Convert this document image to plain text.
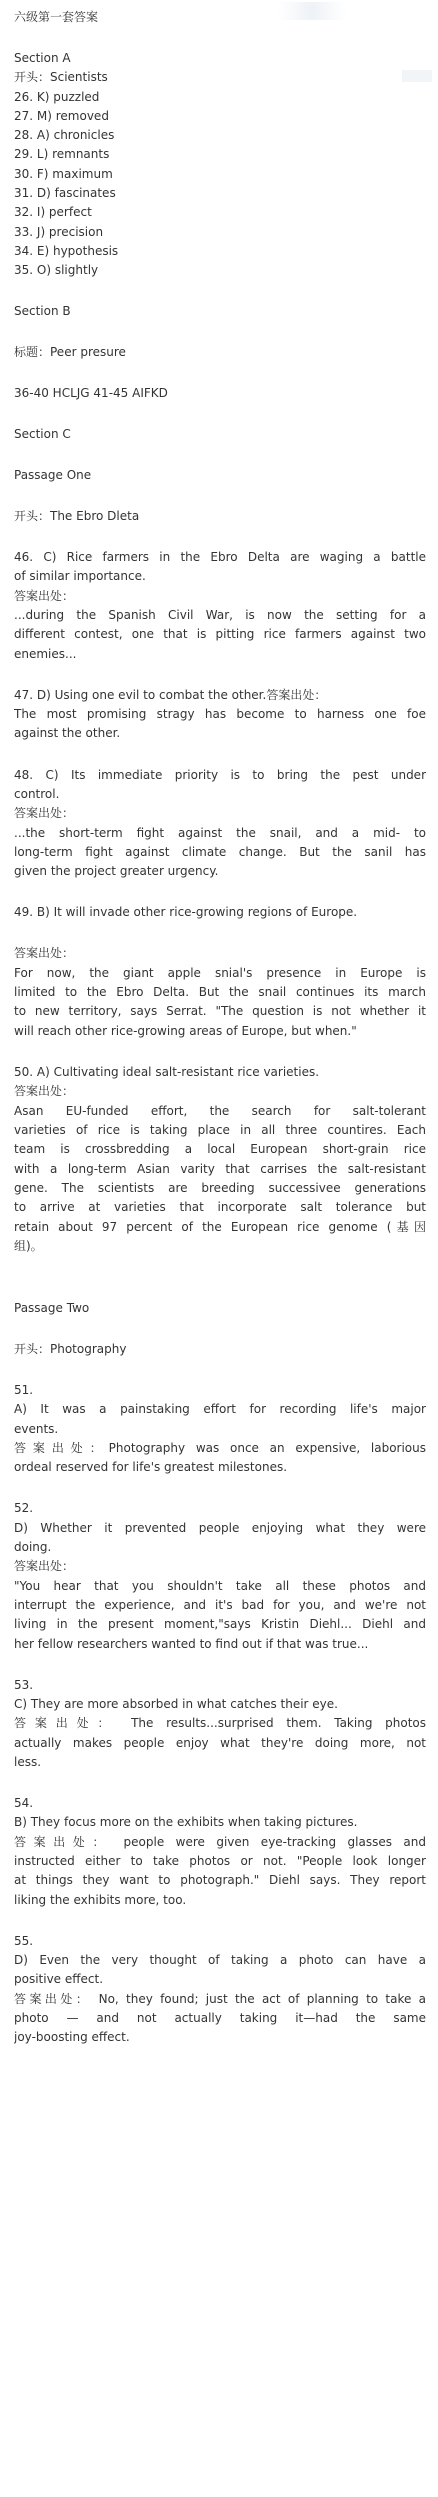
六级第一套答案
Section A
开头：Scientists
26. K) puzzled
27. M) removed
28. A) chronicles
29. L) remnants
30. F) maximum
31. D) fascinates
32. I) perfect
33. J) precision
34. E) hypothesis
35. O) slightly
Section B
标题：Peer presure
36-40 HCLJG 41-45 AIFKD
Section C
Passage One
开头：The Ebro Dleta
46. C) Rice farmers in the Ebro Delta are waging a battle
of similar importance.
答案出处：
...during the Spanish Civil War, is now the setting for a
different contest, one that is pitting rice farmers against two
enemies...
47. D) Using one evil to combat the other.答案出处：
The most promising stragy has become to harness one foe
against the other.
48. C) Its immediate priority is to bring the pest under
control.
答案出处：
...the short-term fight against the snail, and a mid- to
long-term fight against climate change. But the sanil has
given the project greater urgency.
49. B) It will invade other rice-growing regions of Europe.
答案出处：
For now, the giant apple snial's presence in Europe is
limited to the Ebro Delta. But the snail continues its march
to new territory, says Serrat. "The question is not whether it
will reach other rice-growing areas of Europe, but when."
50. A) Cultivating ideal salt-resistant rice varieties.
答案出处：
Asan EU-funded effort, the search for salt-tolerant
varieties of rice is taking place in all three countires. Each
team is crossbredding a local European short-grain rice
with a long-term Asian varity that carrises the salt-resistant
gene. The scientists are breeding successivee generations
to arrive at varieties that incorporate salt tolerance but
retain about 97 percent of the European rice genome (基因
组)。
Passage Two
开头：Photography
51.
A) It was a painstaking effort for recording life's major
events.
答案出处：Photography was once an expensive, laborious
ordeal reserved for life's greatest milestones.
52.
D) Whether it prevented people enjoying what they were
doing.
答案出处：
"You hear that you shouldn't take all these photos and
interrupt the experience, and it's bad for you, and we're not
living in the present moment,"says Kristin Diehl... Diehl and
her fellow researchers wanted to find out if that was true...
53.
C) They are more absorbed in what catches their eye.
答案出处： The results...surprised them. Taking photos
actually makes people enjoy what they're doing more, not
less.
54.
B) They focus more on the exhibits when taking pictures.
答案出处： people were given eye-tracking glasses and
instructed either to take photos or not. "People look longer
at things they want to photograph." Diehl says. They report
liking the exhibits more, too.
55.
D) Even the very thought of taking a photo can have a
positive effect.
答案出处： No, they found; just the act of planning to take a
photo — and not actually taking it—had the same
joy-boosting effect.
